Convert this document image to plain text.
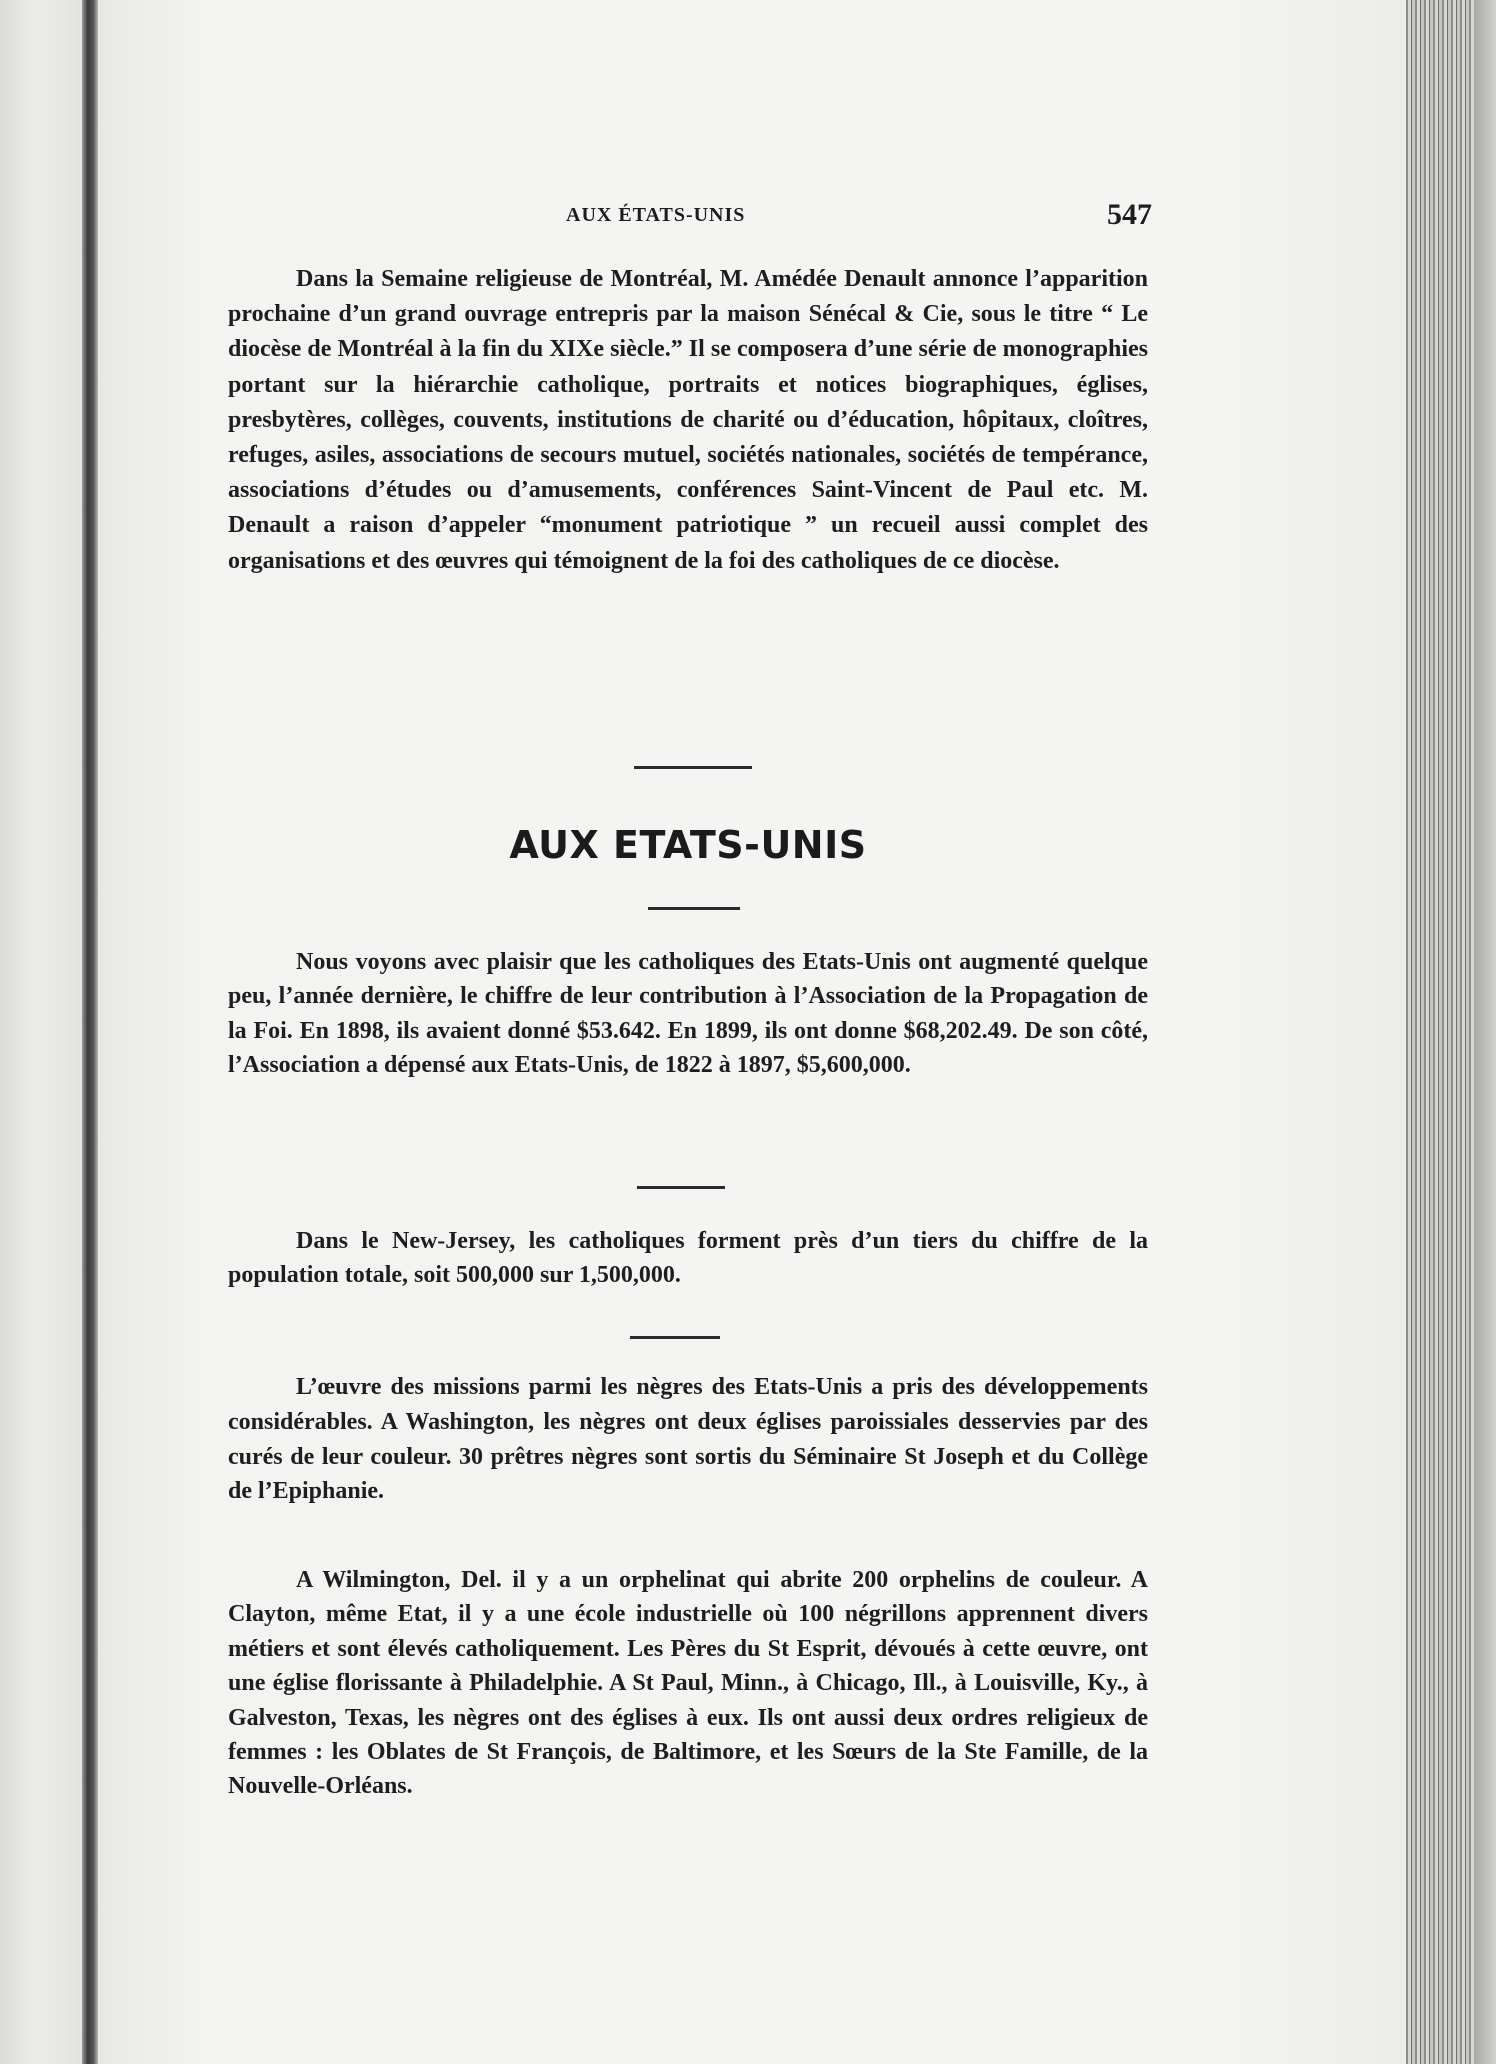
AUX ÉTATS-UNIS	547

Dans la Semaine religieuse de Montréal, M. Amédée Denault annonce l’apparition prochaine d’un grand ouvrage entrepris par la maison Sénécal & Cie, sous le titre “ Le diocèse de Montréal à la fin du XIXe siècle.” Il se composera d’une série de monographies portant sur la hiérarchie catholique, portraits et notices biographiques, églises, presbytères, collèges, couvents, institutions de charité ou d’éducation, hôpitaux, cloîtres, refuges, asiles, associations de secours mutuel, sociétés nationales, sociétés de tempérance, associations d’études ou d’amusements, conférences Saint-Vincent de Paul etc. M. Denault a raison d’appeler “monument patriotique ” un recueil aussi complet des organisations et des œuvres qui témoignent de la foi des catholiques de ce diocèse.

AUX ETATS-UNIS

Nous voyons avec plaisir que les catholiques des Etats-Unis ont augmenté quelque peu, l’année dernière, le chiffre de leur contribution à l’Association de la Propagation de la Foi. En 1898, ils avaient donné $53.642. En 1899, ils ont donne $68,202.49. De son côté, l’Association a dépensé aux Etats-Unis, de 1822 à 1897, $5,600,000.

Dans le New-Jersey, les catholiques forment près d’un tiers du chiffre de la population totale, soit 500,000 sur 1,500,000.

L’œuvre des missions parmi les nègres des Etats-Unis a pris des développements considérables. A Washington, les nègres ont deux églises paroissiales desservies par des curés de leur couleur. 30 prêtres nègres sont sortis du Séminaire St Joseph et du Collège de l’Epiphanie.

A Wilmington, Del. il y a un orphelinat qui abrite 200 orphelins de couleur. A Clayton, même Etat, il y a une école industrielle où 100 négrillons apprennent divers métiers et sont élevés catholiquement. Les Pères du St Esprit, dévoués à cette œuvre, ont une église florissante à Philadelphie. A St Paul, Minn., à Chicago, Ill., à Louisville, Ky., à Galveston, Texas, les nègres ont des églises à eux. Ils ont aussi deux ordres religieux de femmes : les Oblates de St François, de Baltimore, et les Sœurs de la Ste Famille, de la Nouvelle-Orléans.
